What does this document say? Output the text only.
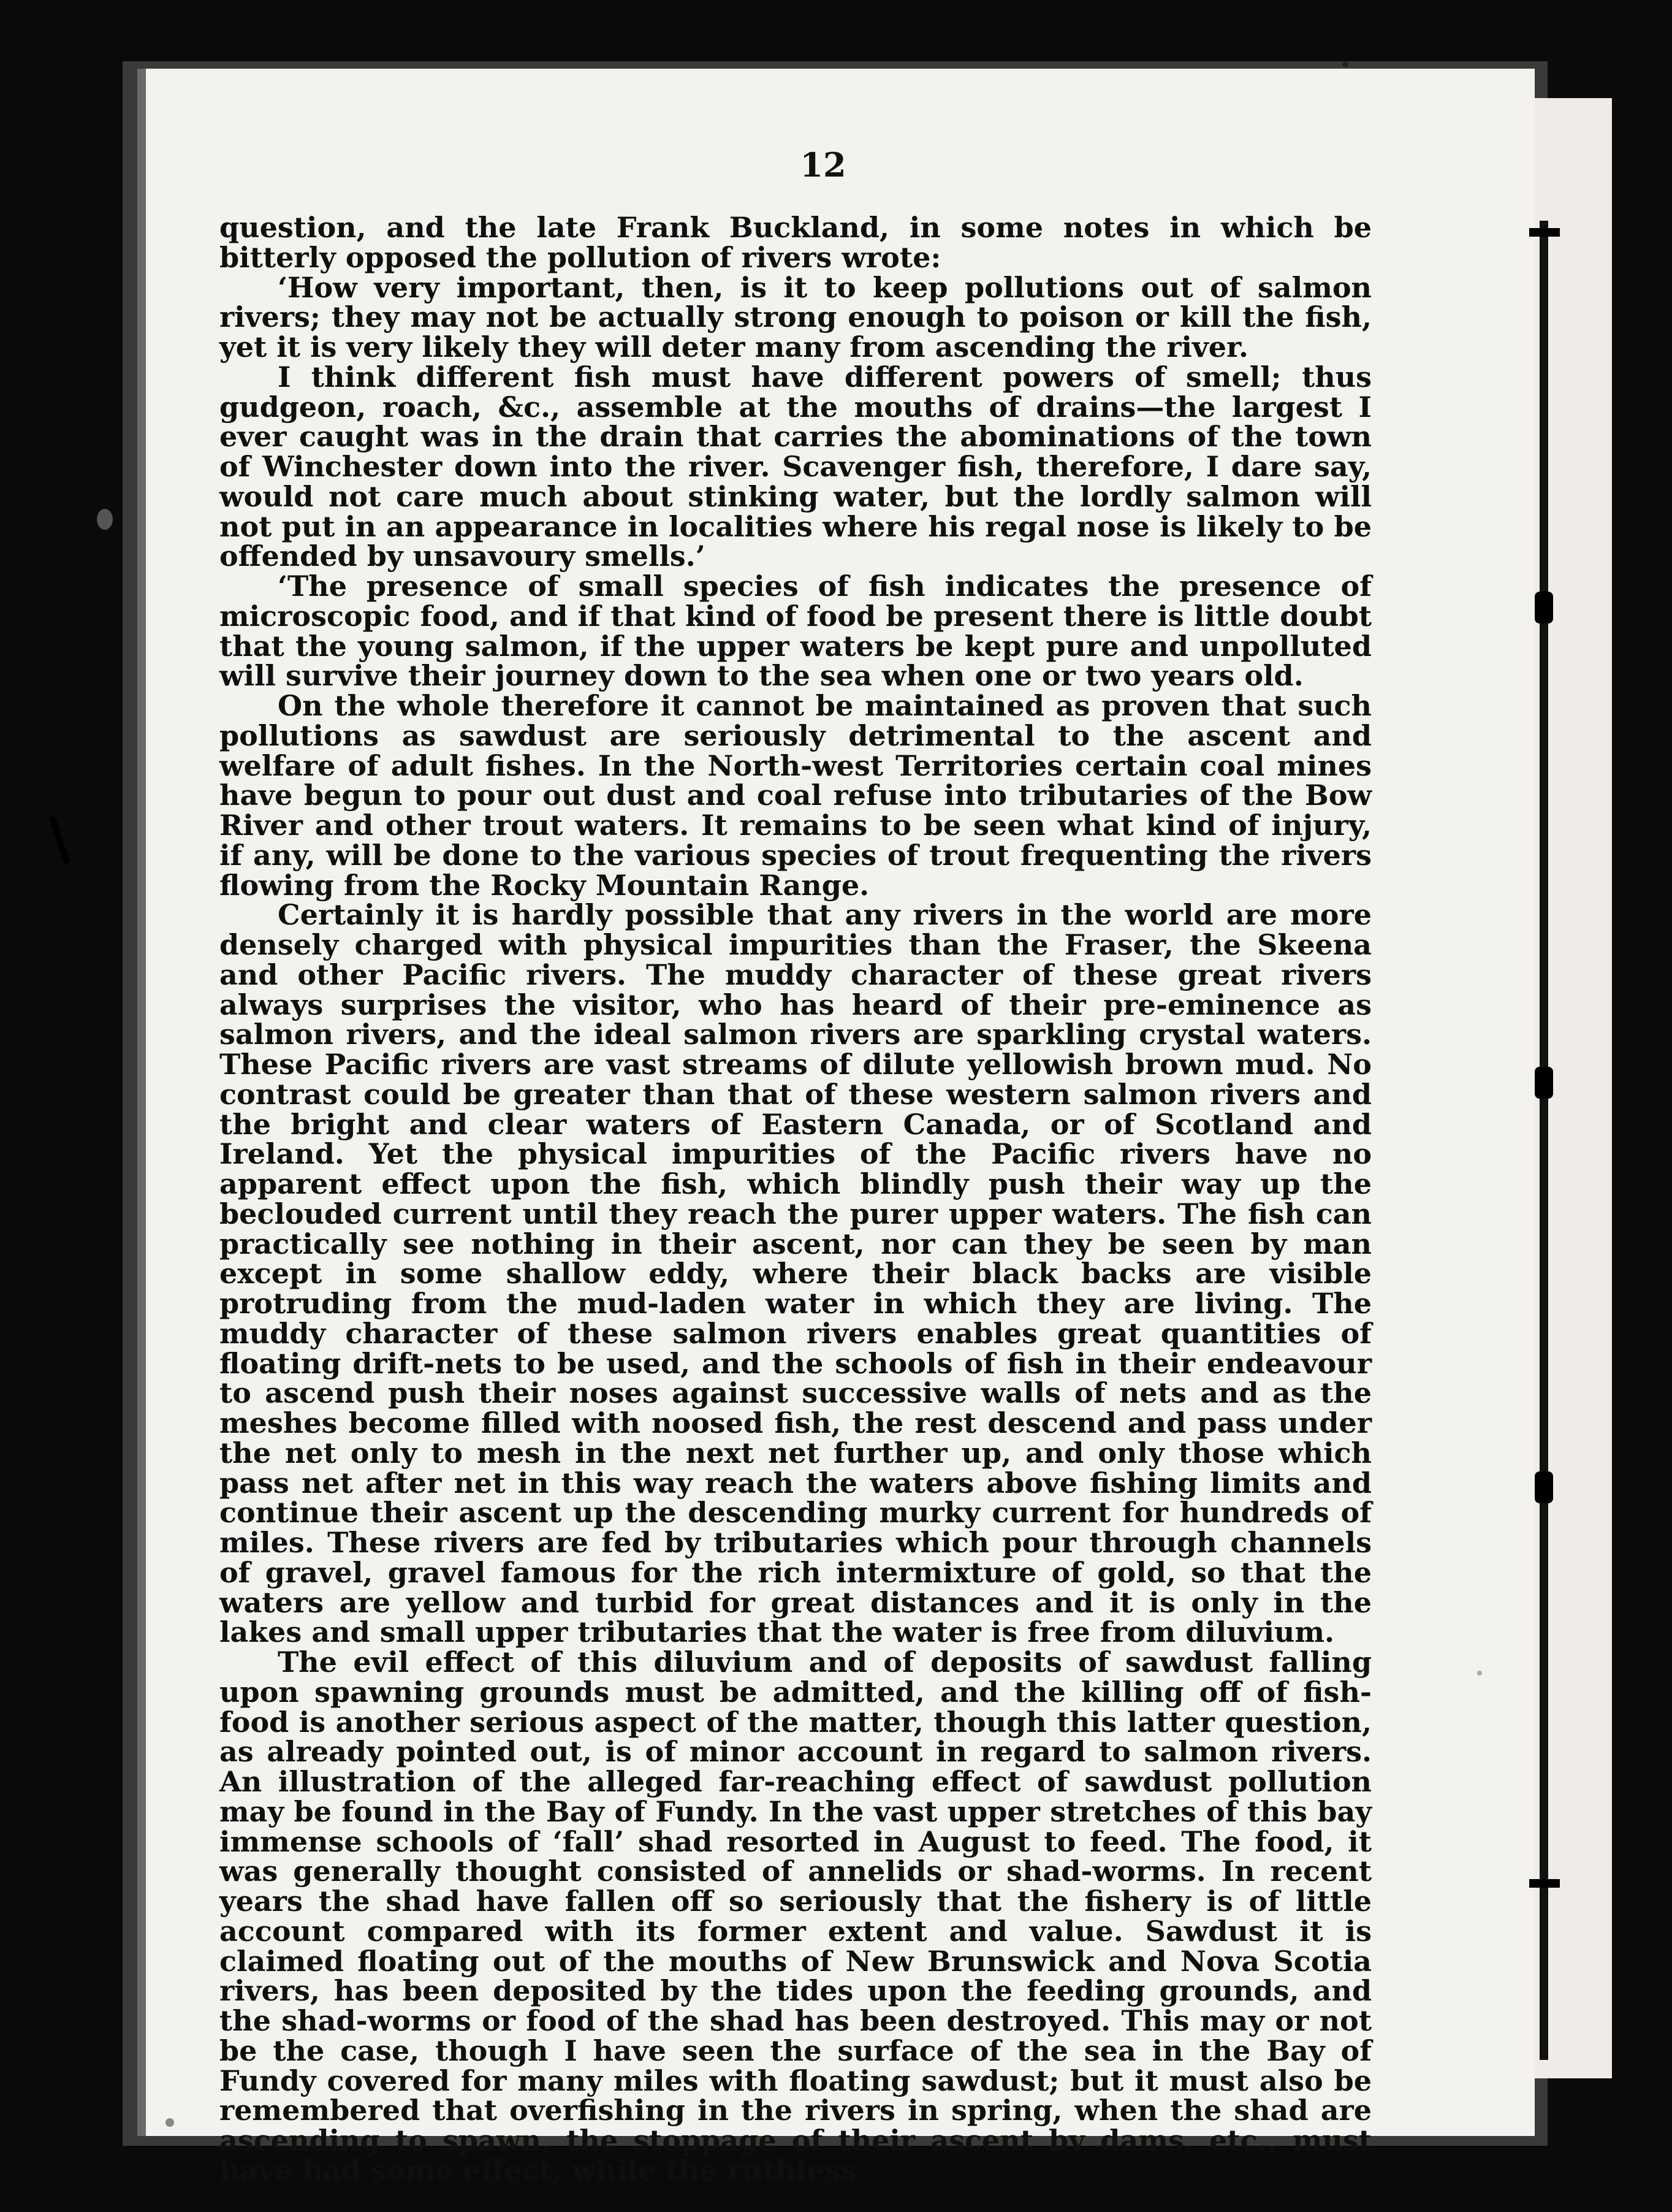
12

question, and the late Frank Buckland, in some notes in which be bitterly opposed the pollution of rivers wrote:

‘How very important, then, is it to keep pollutions out of salmon rivers; they may not be actually strong enough to poison or kill the fish, yet it is very likely they will deter many from ascending the river.

I think different fish must have different powers of smell; thus gudgeon, roach, &c., assemble at the mouths of drains—the largest I ever caught was in the drain that carries the abominations of the town of Winchester down into the river. Scavenger fish, therefore, I dare say, would not care much about stinking water, but the lordly salmon will not put in an appearance in localities where his regal nose is likely to be offended by unsavoury smells.’

‘The presence of small species of fish indicates the presence of microscopic food, and if that kind of food be present there is little doubt that the young salmon, if the upper waters be kept pure and unpolluted will survive their journey down to the sea when one or two years old.

On the whole therefore it cannot be maintained as proven that such pollutions as sawdust are seriously detrimental to the ascent and welfare of adult fishes. In the North-west Territories certain coal mines have begun to pour out dust and coal refuse into tributaries of the Bow River and other trout waters. It remains to be seen what kind of injury, if any, will be done to the various species of trout frequenting the rivers flowing from the Rocky Mountain Range.

Certainly it is hardly possible that any rivers in the world are more densely charged with physical impurities than the Fraser, the Skeena and other Pacific rivers. The muddy character of these great rivers always surprises the visitor, who has heard of their pre-eminence as salmon rivers, and the ideal salmon rivers are sparkling crystal waters. These Pacific rivers are vast streams of dilute yellowish brown mud. No contrast could be greater than that of these western salmon rivers and the bright and clear waters of Eastern Canada, or of Scotland and Ireland. Yet the physical impurities of the Pacific rivers have no apparent effect upon the fish, which blindly push their way up the beclouded current until they reach the purer upper waters. The fish can practically see nothing in their ascent, nor can they be seen by man except in some shallow eddy, where their black backs are visible protruding from the mud-laden water in which they are living. The muddy character of these salmon rivers enables great quantities of floating drift-nets to be used, and the schools of fish in their endeavour to ascend push their noses against successive walls of nets and as the meshes become filled with noosed fish, the rest descend and pass under the net only to mesh in the next net further up, and only those which pass net after net in this way reach the waters above fishing limits and continue their ascent up the descending murky current for hundreds of miles. These rivers are fed by tributaries which pour through channels of gravel, gravel famous for the rich intermixture of gold, so that the waters are yellow and turbid for great distances and it is only in the lakes and small upper tributaries that the water is free from diluvium.

The evil effect of this diluvium and of deposits of sawdust falling upon spawning grounds must be admitted, and the killing off of fish-food is another serious aspect of the matter, though this latter question, as already pointed out, is of minor account in regard to salmon rivers. An illustration of the alleged far-reaching effect of sawdust pollution may be found in the Bay of Fundy. In the vast upper stretches of this bay immense schools of ‘fall’ shad resorted in August to feed. The food, it was generally thought consisted of annelids or shad-worms. In recent years the shad have fallen off so seriously that the fishery is of little account compared with its former extent and value. Sawdust it is claimed floating out of the mouths of New Brunswick and Nova Scotia rivers, has been deposited by the tides upon the feeding grounds, and the shad-worms or food of the shad has been destroyed. This may or not be the case, though I have seen the surface of the sea in the Bay of Fundy covered for many miles with floating sawdust; but it must also be remembered that overfishing in the rivers in spring, when the shad are ascending to spawn, the stoppage of their ascent by dams, etc., must have had some effect, while the ruthless
